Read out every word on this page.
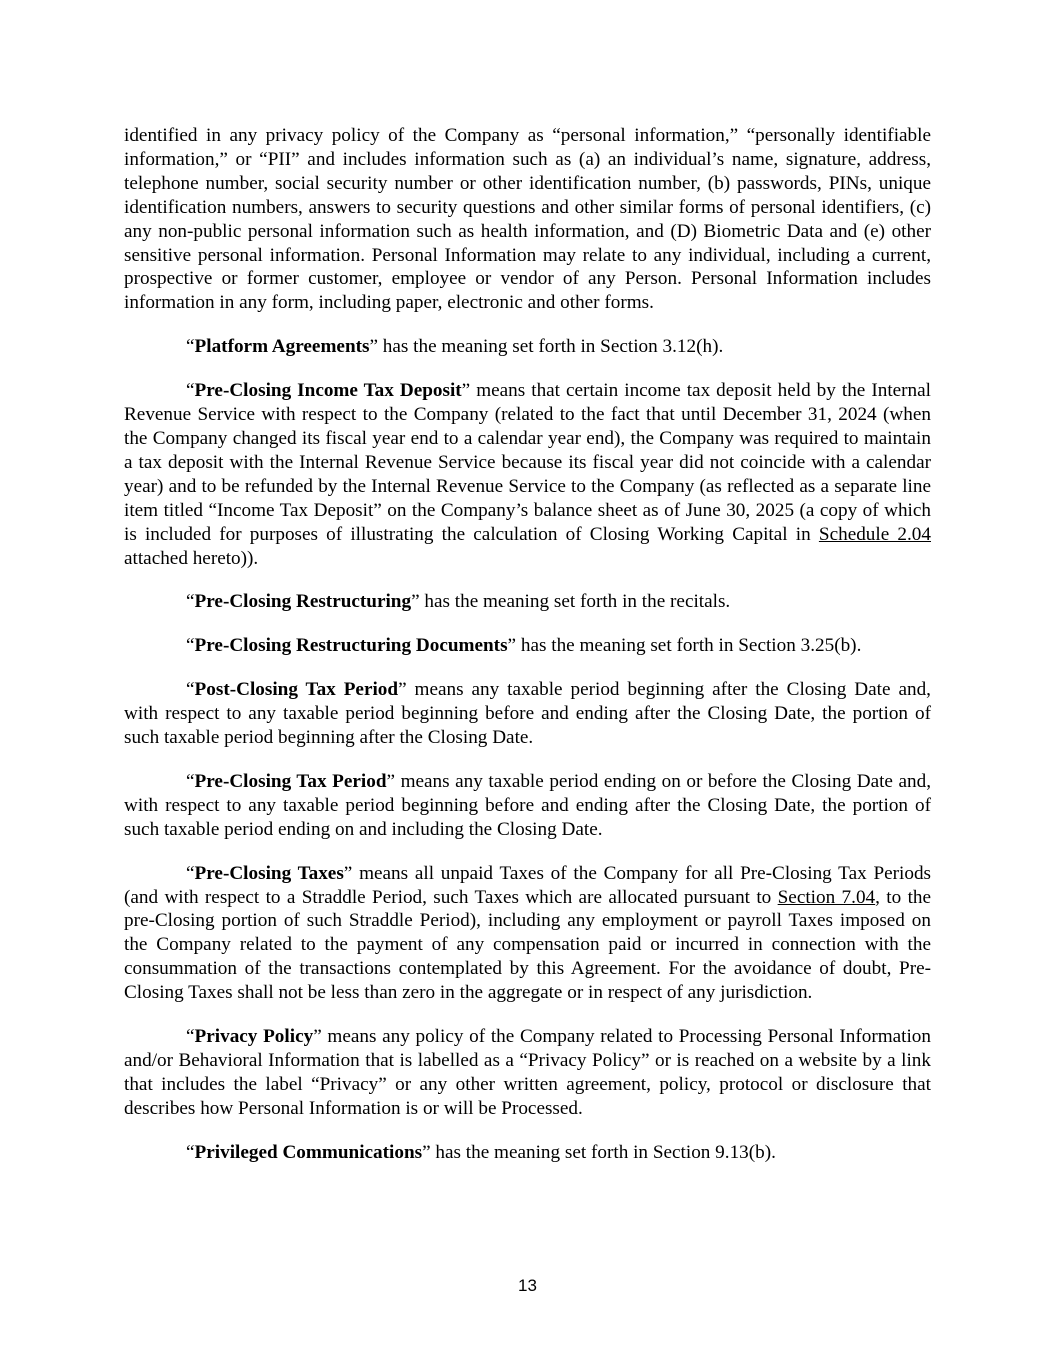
identified in any privacy policy of the Company as “personal information,” “personally identifiable information,” or “PII” and includes information such as (a) an individual’s name, signature, address, telephone number, social security number or other identification number, (b) passwords, PINs, unique identification numbers, answers to security questions and other similar forms of personal identifiers, (c) any non-public personal information such as health information, and (D) Biometric Data and (e) other sensitive personal information. Personal Information may relate to any individual, including a current, prospective or former customer, employee or vendor of any Person. Personal Information includes information in any form, including paper, electronic and other forms.

“Platform Agreements” has the meaning set forth in Section 3.12(h).

“Pre-Closing Income Tax Deposit” means that certain income tax deposit held by the Internal Revenue Service with respect to the Company (related to the fact that until December 31, 2024 (when the Company changed its fiscal year end to a calendar year end), the Company was required to maintain a tax deposit with the Internal Revenue Service because its fiscal year did not coincide with a calendar year) and to be refunded by the Internal Revenue Service to the Company (as reflected as a separate line item titled “Income Tax Deposit” on the Company’s balance sheet as of June 30, 2025 (a copy of which is included for purposes of illustrating the calculation of Closing Working Capital in Schedule 2.04 attached hereto)).

“Pre-Closing Restructuring” has the meaning set forth in the recitals.

“Pre-Closing Restructuring Documents” has the meaning set forth in Section 3.25(b).

“Post-Closing Tax Period” means any taxable period beginning after the Closing Date and, with respect to any taxable period beginning before and ending after the Closing Date, the portion of such taxable period beginning after the Closing Date.

“Pre-Closing Tax Period” means any taxable period ending on or before the Closing Date and, with respect to any taxable period beginning before and ending after the Closing Date, the portion of such taxable period ending on and including the Closing Date.

“Pre-Closing Taxes” means all unpaid Taxes of the Company for all Pre-Closing Tax Periods (and with respect to a Straddle Period, such Taxes which are allocated pursuant to Section 7.04, to the pre-Closing portion of such Straddle Period), including any employment or payroll Taxes imposed on the Company related to the payment of any compensation paid or incurred in connection with the consummation of the transactions contemplated by this Agreement. For the avoidance of doubt, Pre-Closing Taxes shall not be less than zero in the aggregate or in respect of any jurisdiction.

“Privacy Policy” means any policy of the Company related to Processing Personal Information and/or Behavioral Information that is labelled as a “Privacy Policy” or is reached on a website by a link that includes the label “Privacy” or any other written agreement, policy, protocol or disclosure that describes how Personal Information is or will be Processed.

“Privileged Communications” has the meaning set forth in Section 9.13(b).

13
